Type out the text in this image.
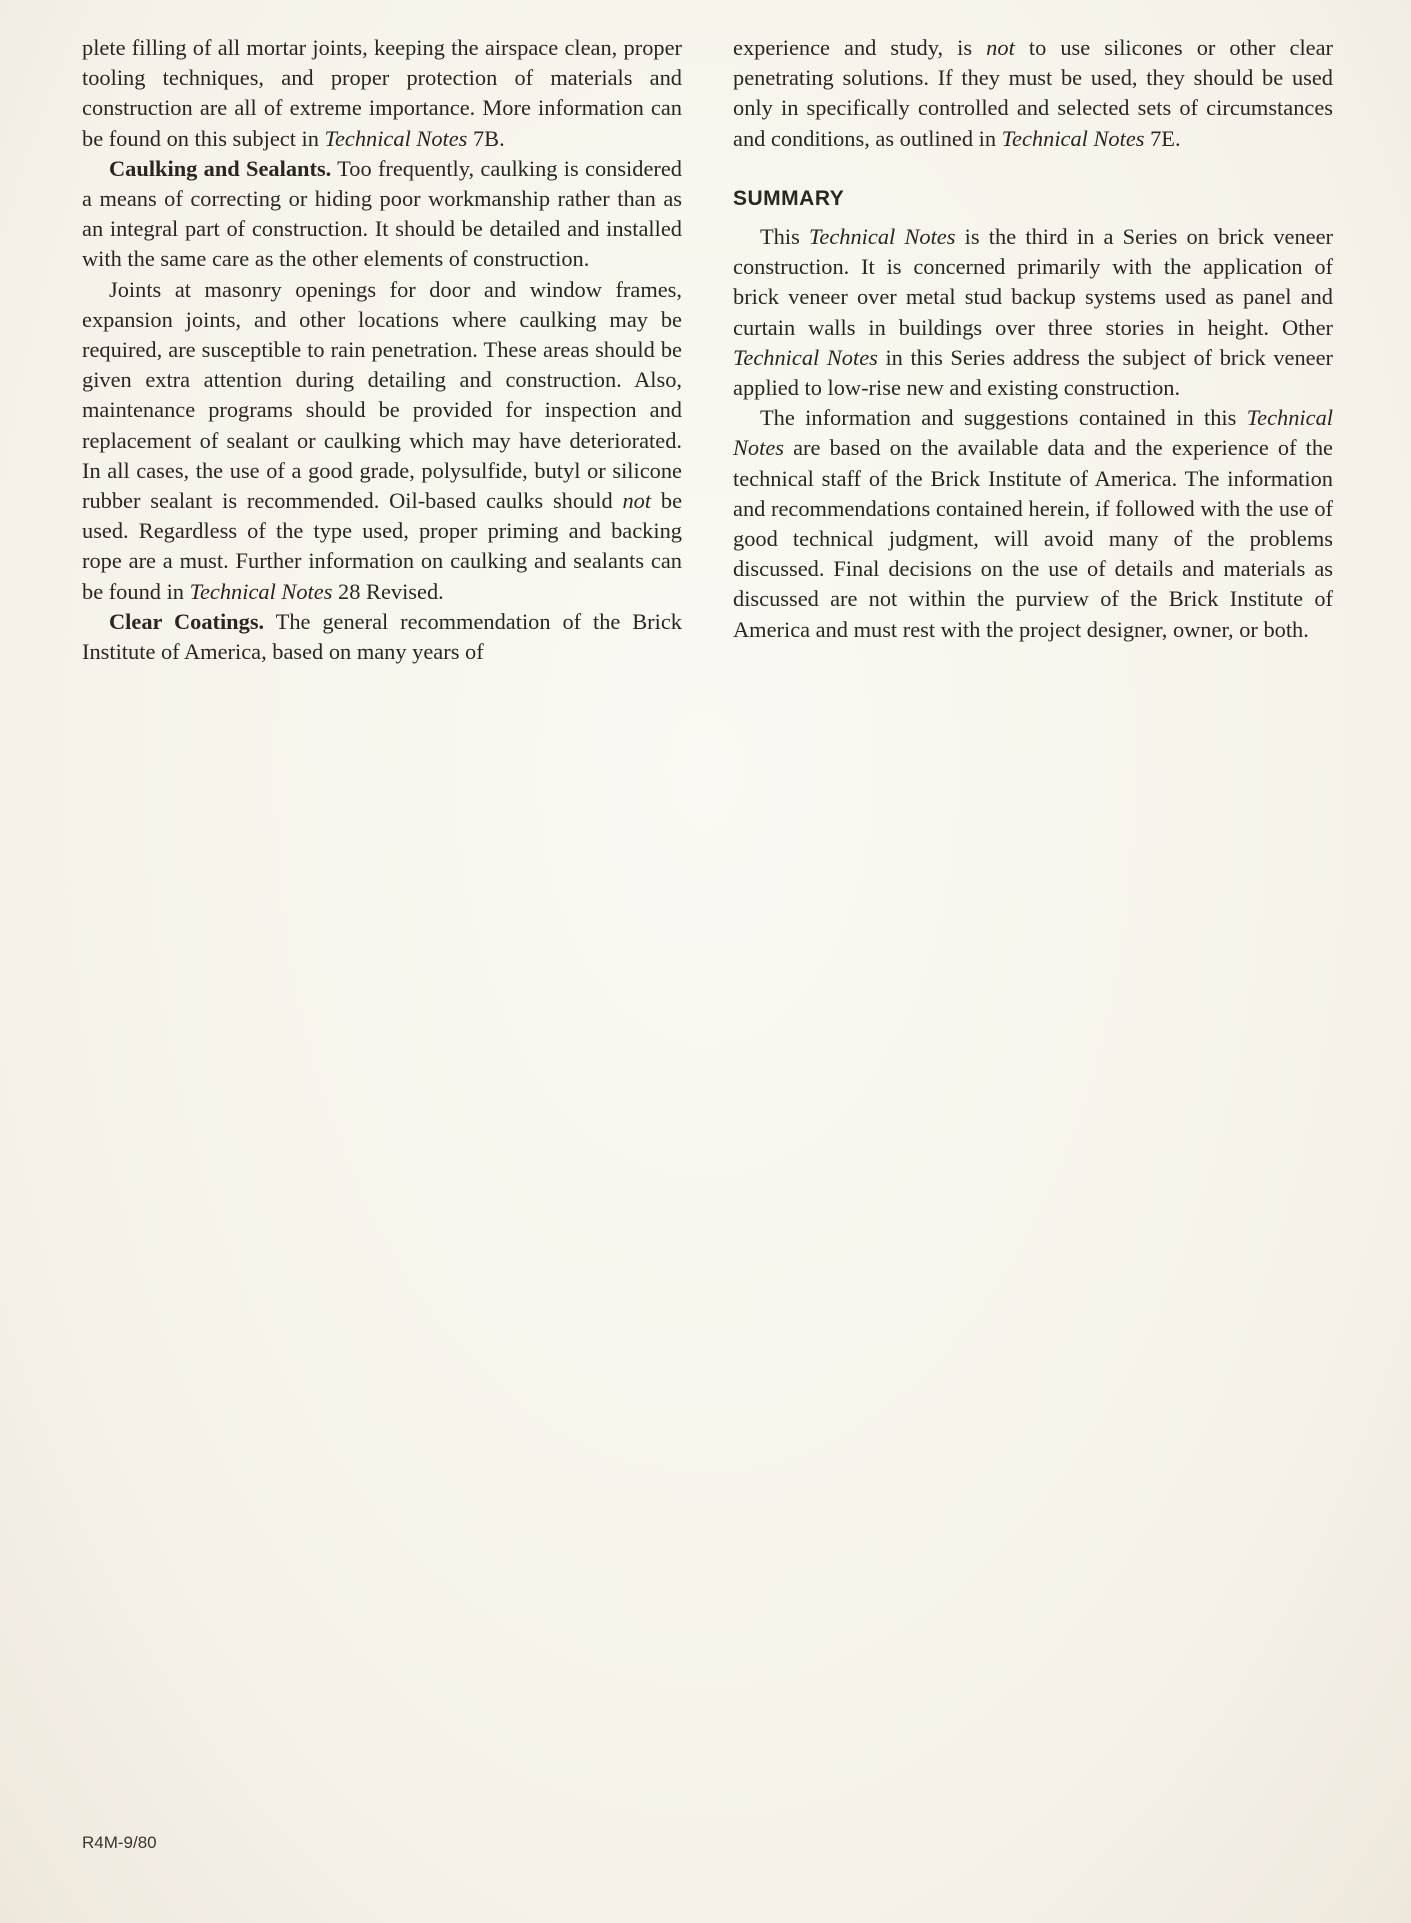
plete filling of all mortar joints, keeping the airspace clean, proper tooling techniques, and proper protection of materials and construction are all of extreme importance. More information can be found on this subject in Technical Notes 7B.

Caulking and Sealants. Too frequently, caulking is considered a means of correcting or hiding poor workmanship rather than as an integral part of construction. It should be detailed and installed with the same care as the other elements of construction.

Joints at masonry openings for door and window frames, expansion joints, and other locations where caulking may be required, are susceptible to rain penetration. These areas should be given extra attention during detailing and construction. Also, maintenance programs should be provided for inspection and replacement of sealant or caulking which may have deteriorated. In all cases, the use of a good grade, polysulfide, butyl or silicone rubber sealant is recommended. Oil-based caulks should not be used. Regardless of the type used, proper priming and backing rope are a must. Further information on caulking and sealants can be found in Technical Notes 28 Revised.

Clear Coatings. The general recommendation of the Brick Institute of America, based on many years of

experience and study, is not to use silicones or other clear penetrating solutions. If they must be used, they should be used only in specifically controlled and selected sets of circumstances and conditions, as outlined in Technical Notes 7E.

SUMMARY

This Technical Notes is the third in a Series on brick veneer construction. It is concerned primarily with the application of brick veneer over metal stud backup systems used as panel and curtain walls in buildings over three stories in height. Other Technical Notes in this Series address the subject of brick veneer applied to low-rise new and existing construction.

The information and suggestions contained in this Technical Notes are based on the available data and the experience of the technical staff of the Brick Institute of America. The information and recommendations contained herein, if followed with the use of good technical judgment, will avoid many of the problems discussed. Final decisions on the use of details and materials as discussed are not within the purview of the Brick Institute of America and must rest with the project designer, owner, or both.

R4M-9/80
